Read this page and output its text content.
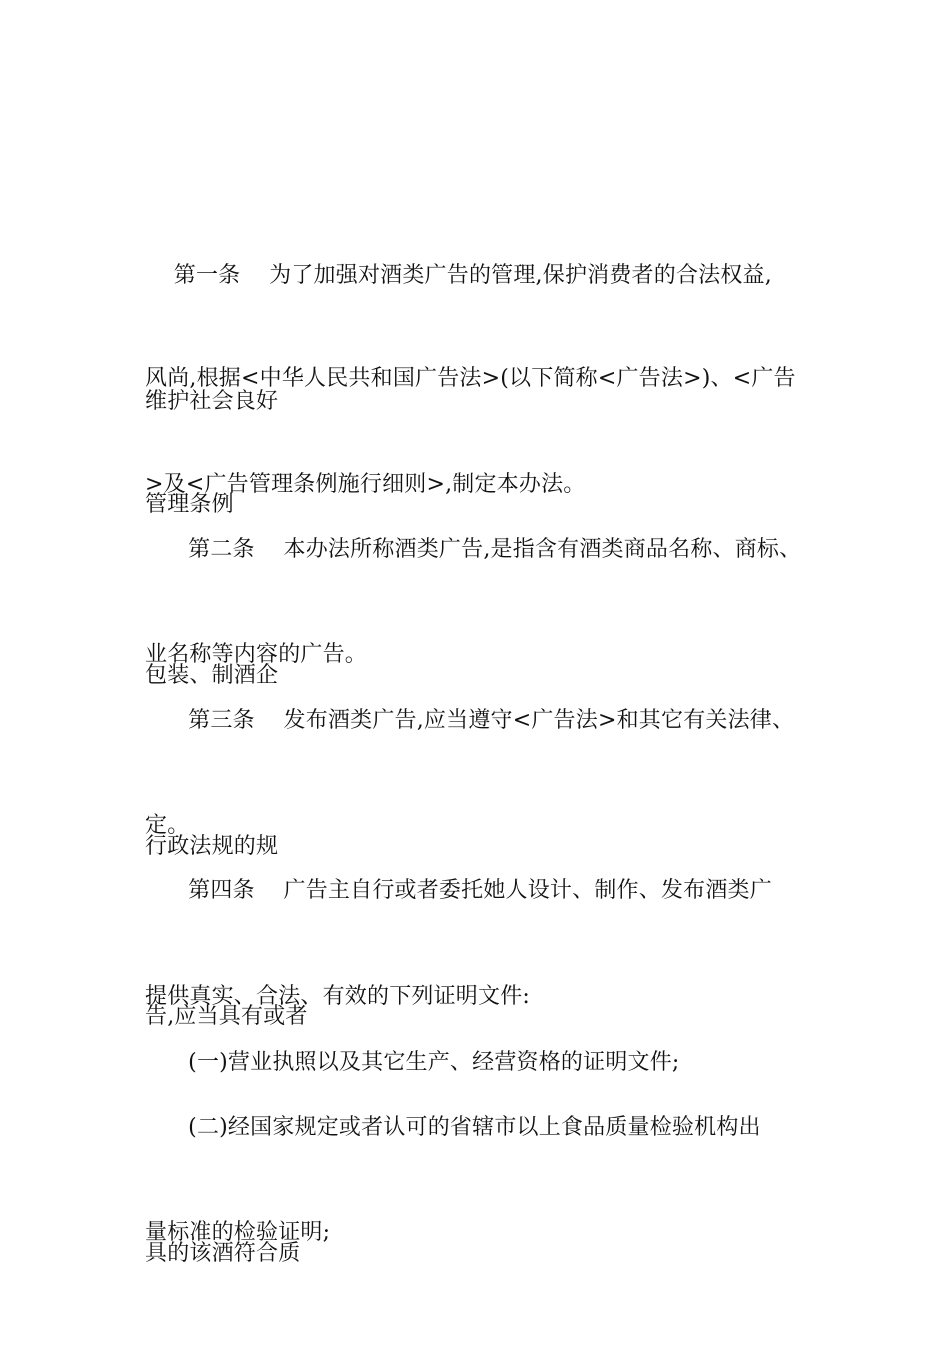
第一条    为了加强对酒类广告的管理,保护消费者的合法权益,

维护社会良好

风尚,根据<中华人民共和国广告法>(以下简称<广告法>)、<广告

管理条例

>及<广告管理条例施行细则>,制定本办法。

第二条    本办法所称酒类广告,是指含有酒类商品名称、商标、

包装、制酒企

业名称等内容的广告。

第三条    发布酒类广告,应当遵守<广告法>和其它有关法律、

行政法规的规

定。

第四条    广告主自行或者委托她人设计、制作、发布酒类广

告,应当具有或者

提供真实、合法、有效的下列证明文件:

(一)营业执照以及其它生产、经营资格的证明文件;

(二)经国家规定或者认可的省辖市以上食品质量检验机构出

具的该酒符合质

量标准的检验证明;
